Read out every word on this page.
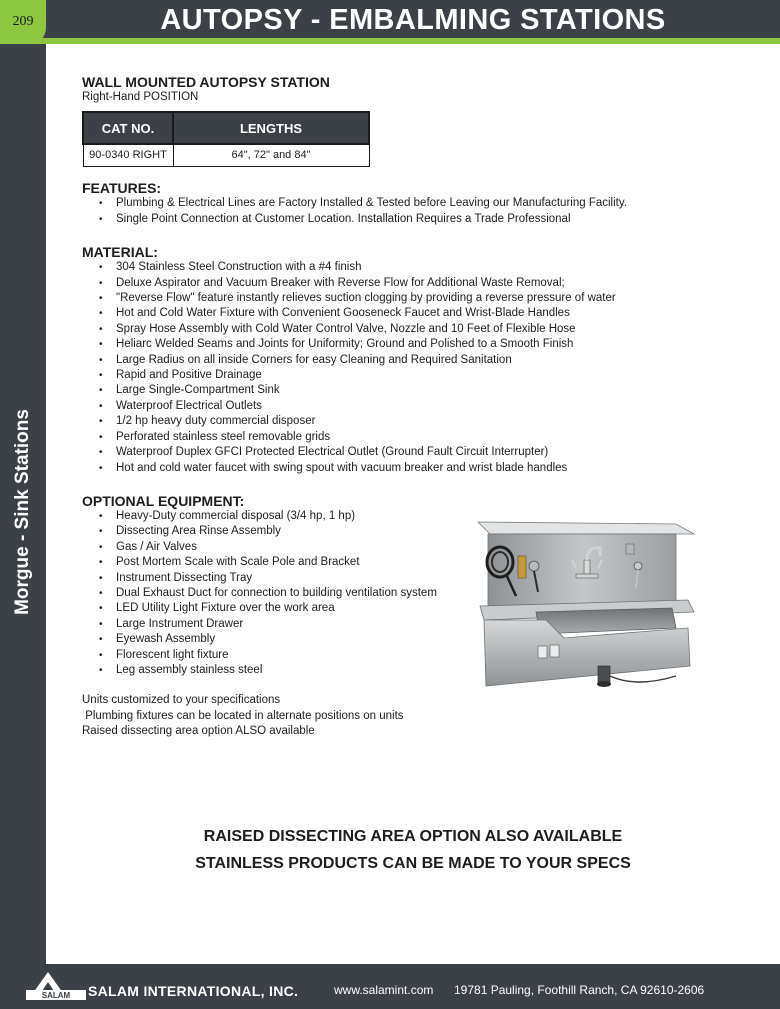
209	AUTOPSY - EMBALMING STATIONS
Morgue - Sink Stations
WALL MOUNTED AUTOPSY STATION
Right-Hand POSITION
CAT NO.	LENGTHS
90-0340 RIGHT	64", 72" and 84"
FEATURES:
• Plumbing & Electrical Lines are Factory Installed & Tested before Leaving our Manufacturing Facility.
• Single Point Connection at Customer Location. Installation Requires a Trade Professional
MATERIAL:
• 304 Stainless Steel Construction with a #4 finish
• Deluxe Aspirator and Vacuum Breaker with Reverse Flow for Additional Waste Removal;
• "Reverse Flow" feature instantly relieves suction clogging by providing a reverse pressure of water
• Hot and Cold Water Fixture with Convenient Gooseneck Faucet and Wrist-Blade Handles
• Spray Hose Assembly with Cold Water Control Valve, Nozzle and 10 Feet of Flexible Hose
• Heliarc Welded Seams and Joints for Uniformity; Ground and Polished to a Smooth Finish
• Large Radius on all inside Corners for easy Cleaning and Required Sanitation
• Rapid and Positive Drainage
• Large Single-Compartment Sink
• Waterproof Electrical Outlets
• 1/2 hp heavy duty commercial disposer
• Perforated stainless steel removable grids
• Waterproof Duplex GFCI Protected Electrical Outlet (Ground Fault Circuit Interrupter)
• Hot and cold water faucet with swing spout with vacuum breaker and wrist blade handles
OPTIONAL EQUIPMENT:
• Heavy-Duty commercial disposal (3/4 hp, 1 hp)
• Dissecting Area Rinse Assembly
• Gas / Air Valves
• Post Mortem Scale with Scale Pole and Bracket
• Instrument Dissecting Tray
• Dual Exhaust Duct for connection to building ventilation system
• LED Utility Light Fixture over the work area
• Large Instrument Drawer
• Eyewash Assembly
• Florescent light fixture
• Leg assembly stainless steel
Units customized to your specifications
Plumbing fixtures can be located in alternate positions on units
Raised dissecting area option ALSO available
RAISED DISSECTING AREA OPTION ALSO AVAILABLE
STAINLESS PRODUCTS CAN BE MADE TO YOUR SPECS
SALAM SALAM INTERNATIONAL, INC.	www.salamint.com 19781 Pauling, Foothill Ranch, CA 92610-2606
